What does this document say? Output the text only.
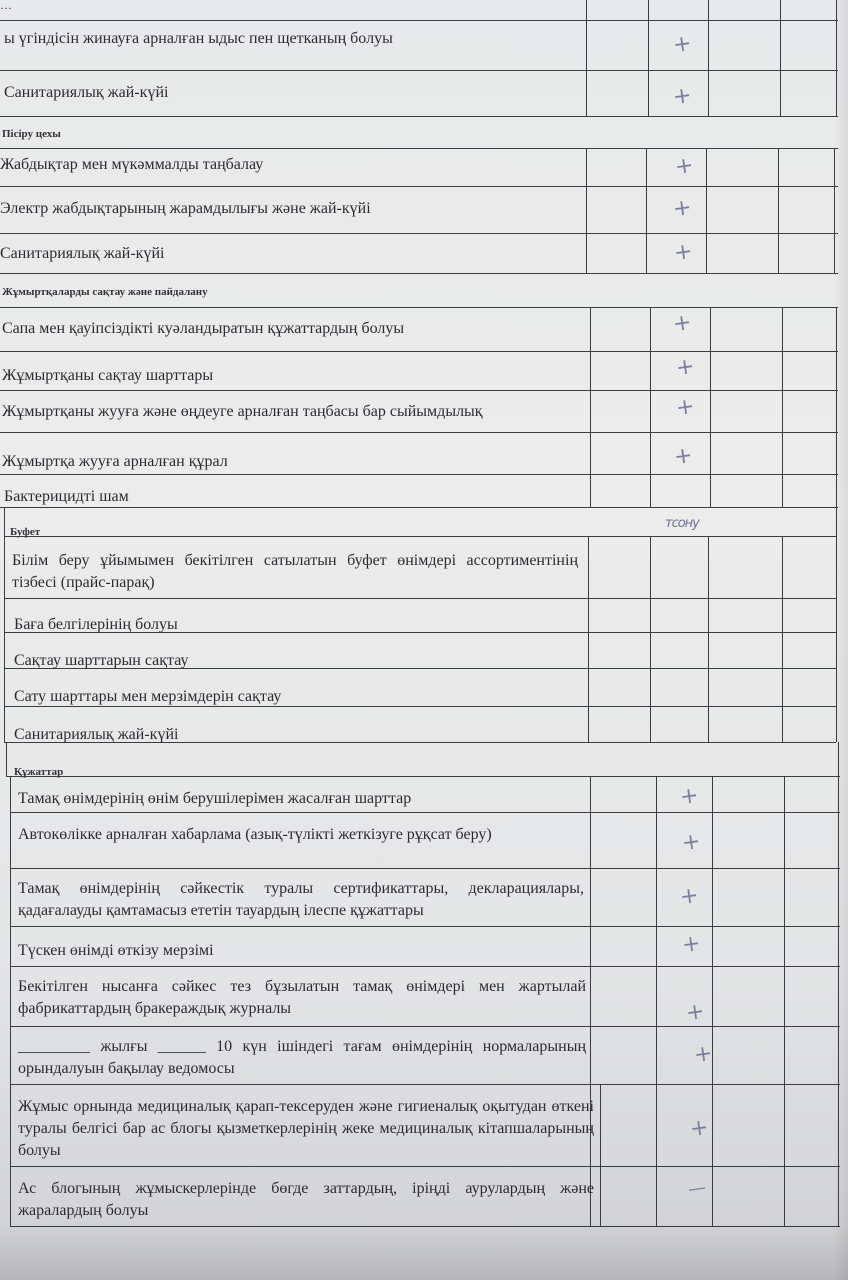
…
ы үгіндісін жинауға арналған ыдыс пен щетканың болуы
Санитариялық жай-күйі
Пісіру цехы
Жабдықтар мен мүкәммалды таңбалау
Электр жабдықтарының жарамдылығы және жай-күйі
Санитариялық жай-күйі
Жұмыртқаларды сақтау және пайдалану
Сапа мен қауіпсіздікті куәландыратын құжаттардың болуы
Жұмыртқаны сақтау шарттары
Жұмыртқаны жууға және өңдеуге арналған таңбасы бар сыйымдылық
Жұмыртқа жууға арналған құрал
Бактерицидті шам
+
+
+
+
+
+
+
+
+
Буфет
тсону
Білім беру ұйымымен бекітілген сатылатын буфет өнімдері ассортиментінің тізбесі (прайс-парақ)
Баға белгілерінің болуы
Сақтау шарттарын сақтау
Сату шарттары мен мерзімдерін сақтау
Санитариялық жай-күйі
Құжаттар
Тамақ өнімдерінің өнім берушілерімен жасалған шарттар
Автокөлікке арналған хабарлама (азық-түлікті жеткізуге рұқсат беру)
Тамақ өнімдерінің сәйкестік туралы сертификаттары, декларациялары, қадағалауды қамтамасыз ететін тауардың ілеспе құжаттары
Түскен өнімді өткізу мерзімі
Бекітілген нысанға сәйкес тез бұзылатын тамақ өнімдері мен жартылай фабрикаттардың бракераждық журналы
_________ жылғы ______ 10 күн ішіндегі тағам өнімдерінің нормаларының орындалуын бақылау ведомосы
Жұмыс орнында медициналық қарап-тексеруден және гигиеналық оқытудан өткені туралы белгісі бар ас блогы қызметкерлерінің жеке медициналық кітапшаларының болуы
Ас блогының жұмыскерлерінде бөгде заттардың, іріңді аурулардың және жаралардың болуы
+
+
+
+
+
+
+
—
